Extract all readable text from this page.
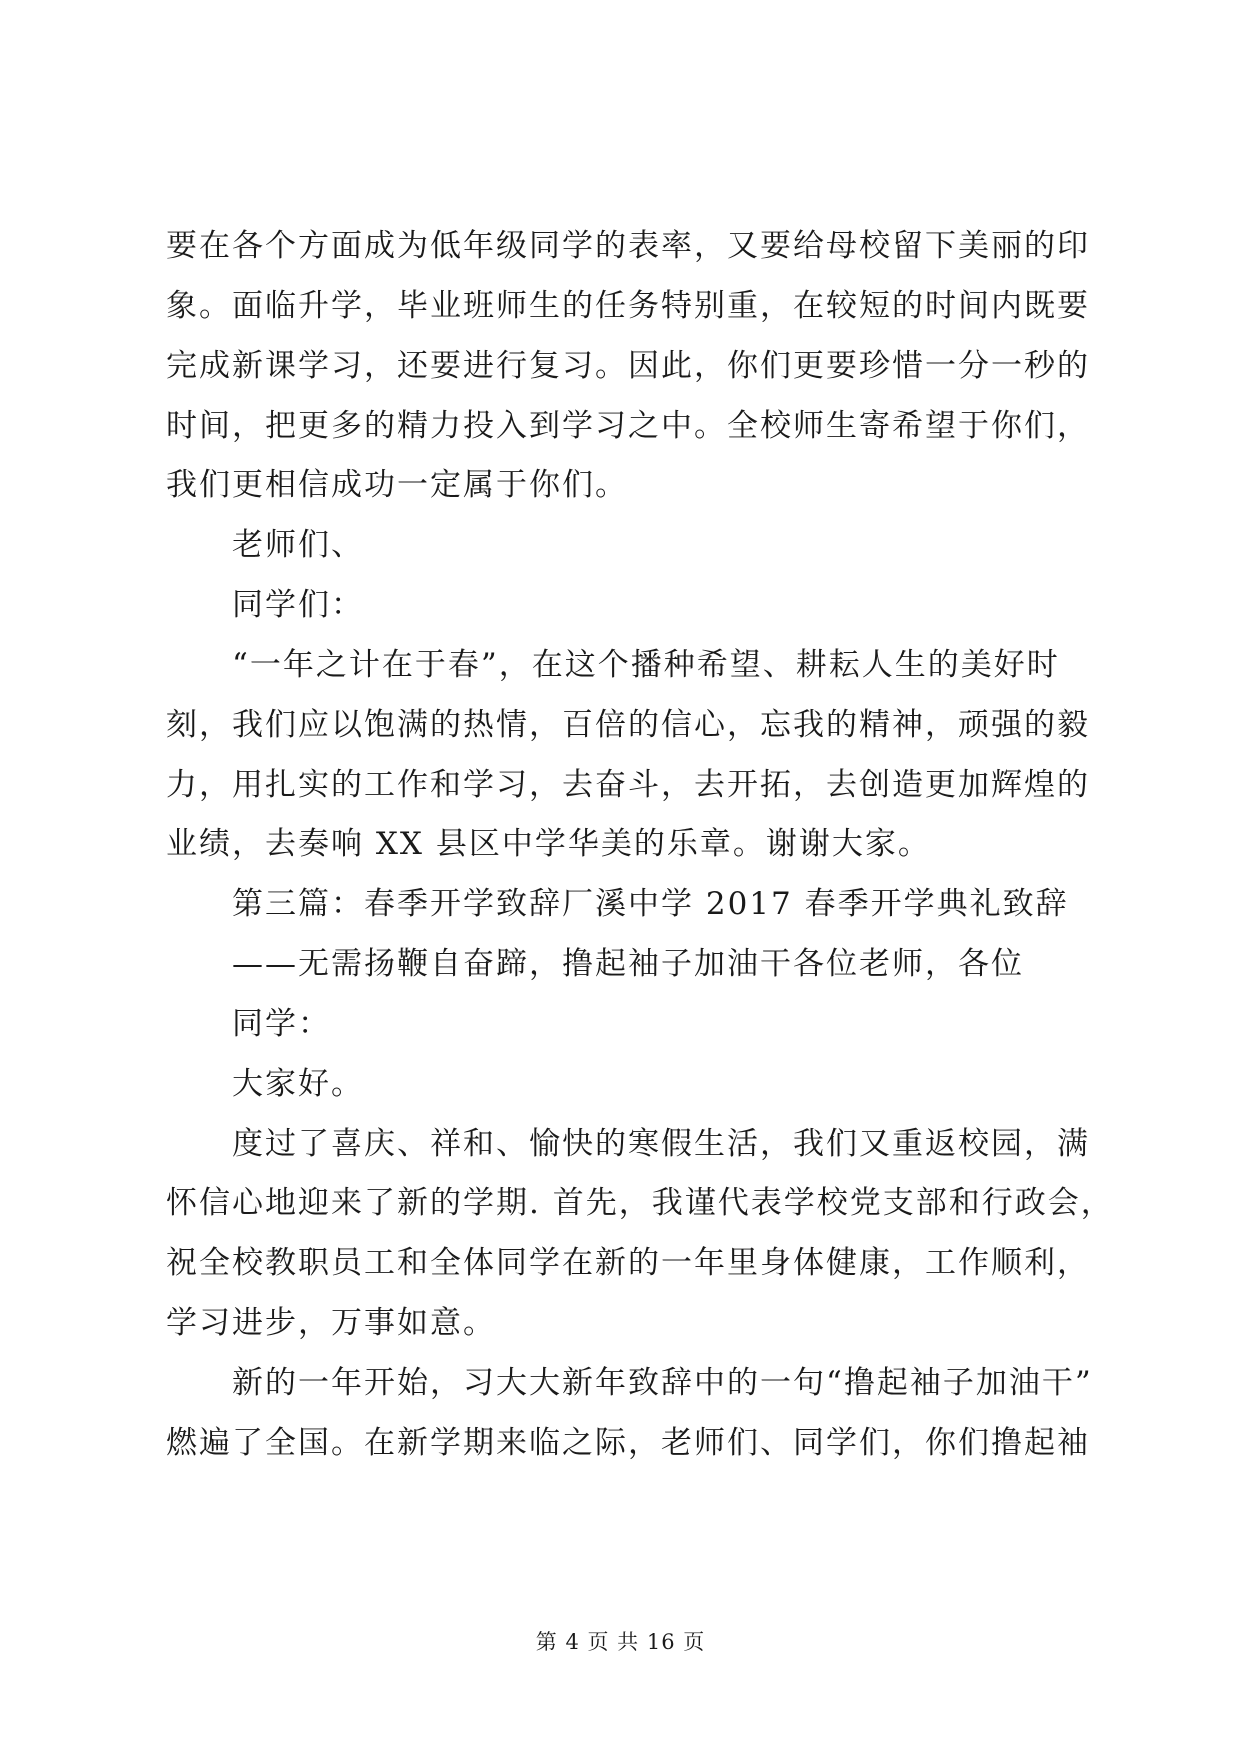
要在各个方面成为低年级同学的表率，又要给母校留下美丽的印
象。面临升学，毕业班师生的任务特别重，在较短的时间内既要
完成新课学习，还要进行复习。因此，你们更要珍惜一分一秒的
时间，把更多的精力投入到学习之中。全校师生寄希望于你们，
我们更相信成功一定属于你们。
老师们、
同学们：
“一年之计在于春”，在这个播种希望、耕耘人生的美好时
刻，我们应以饱满的热情，百倍的信心，忘我的精神，顽强的毅
力，用扎实的工作和学习，去奋斗，去开拓，去创造更加辉煌的
业绩，去奏响 XX 县区中学华美的乐章。谢谢大家。
第三篇：春季开学致辞厂溪中学 2017 春季开学典礼致辞
——无需扬鞭自奋蹄，撸起袖子加油干各位老师，各位
同学：
大家好。
度过了喜庆、祥和、愉快的寒假生活，我们又重返校园，满
怀信心地迎来了新的学期. 首先，我谨代表学校党支部和行政会，
祝全校教职员工和全体同学在新的一年里身体健康，工作顺利，
学习进步，万事如意。
新的一年开始，习大大新年致辞中的一句“撸起袖子加油干”
燃遍了全国。在新学期来临之际，老师们、同学们，你们撸起袖
第 4 页 共 16 页
